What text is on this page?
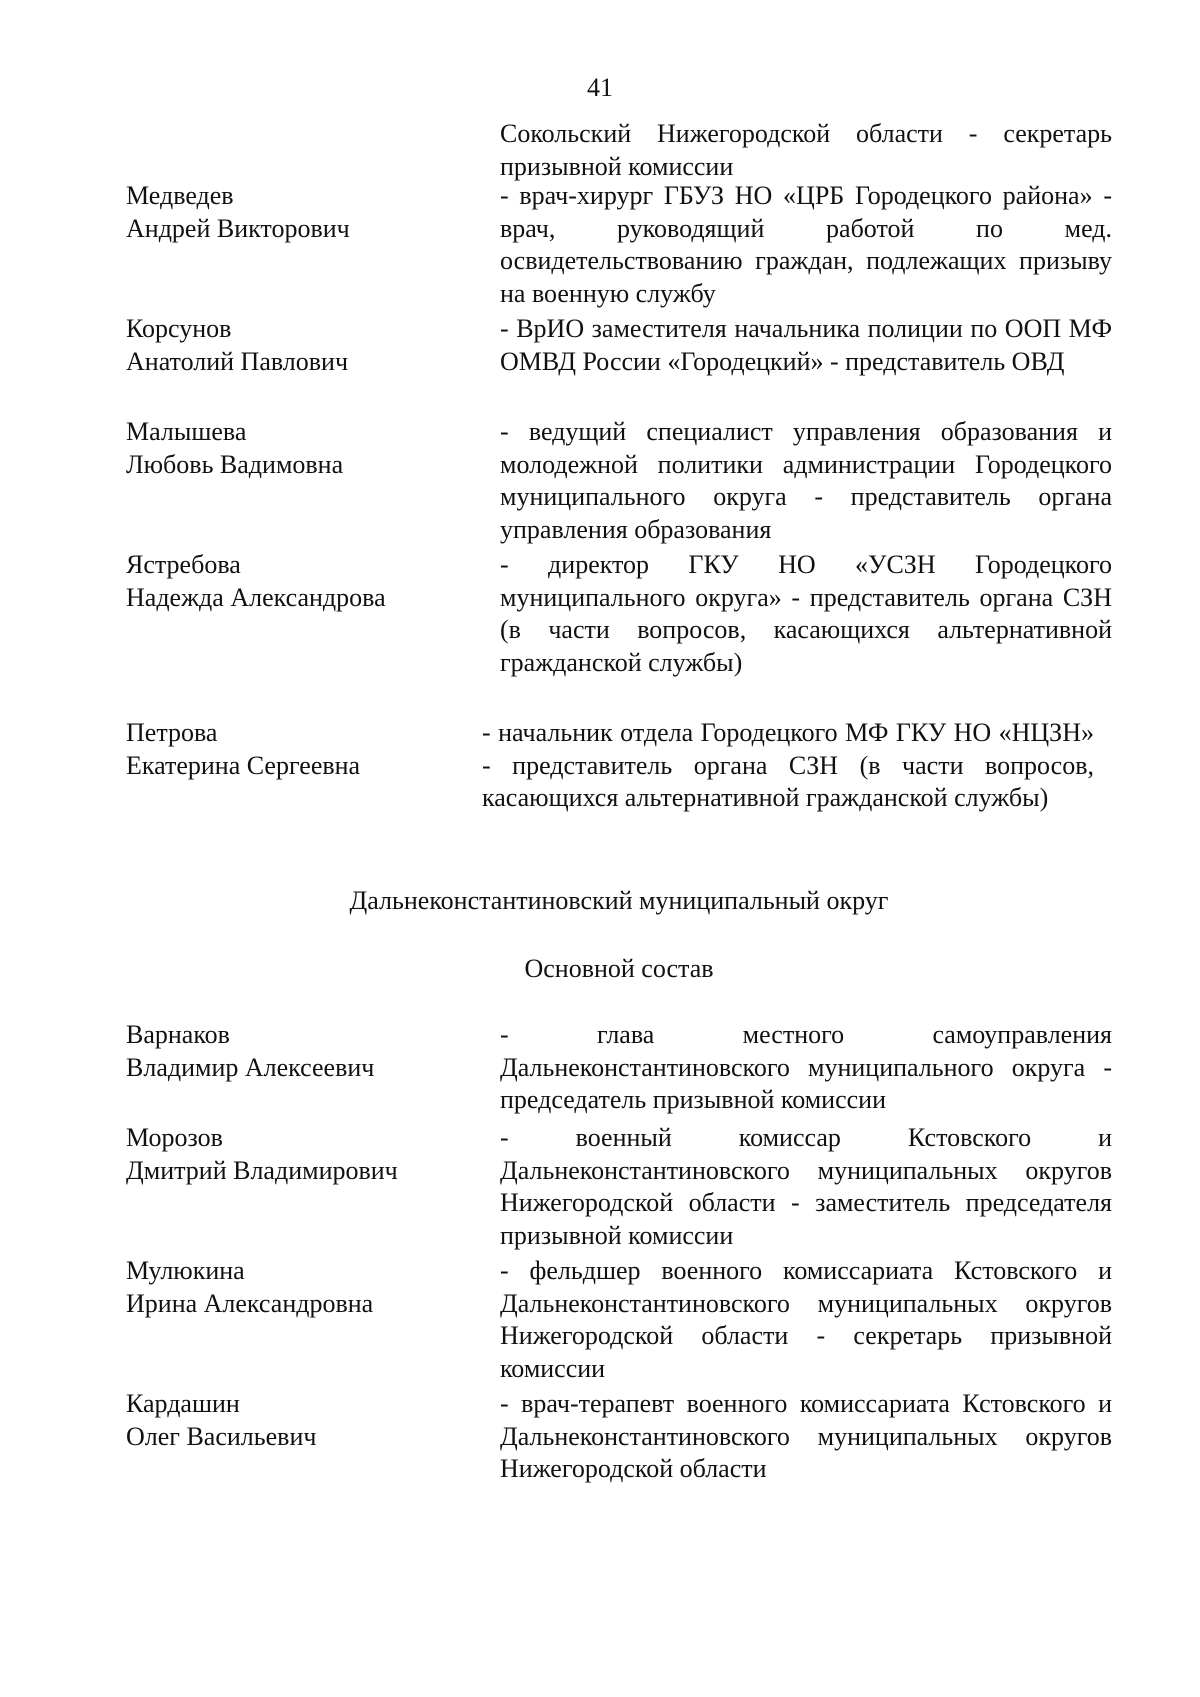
41
Сокольский Нижегородской области - секретарь призывной комиссии
Медведев
Андрей Викторович
- врач-хирург ГБУЗ НО «ЦРБ Городецкого района» - врач, руководящий работой по мед. освидетельствованию граждан, подлежащих призыву на военную службу
Корсунов
Анатолий Павлович
- ВрИО заместителя начальника полиции по ООП МФ ОМВД России «Городецкий» - представитель ОВД
Малышева
Любовь Вадимовна
- ведущий специалист управления образования и молодежной политики администрации Городецкого муниципального округа - представитель органа управления образования
Ястребова
Надежда Александрова
- директор ГКУ НО «УСЗН Городецкого муниципального округа» - представитель органа СЗН (в части вопросов, касающихся альтернативной гражданской службы)
Петрова
Екатерина Сергеевна
- начальник отдела Городецкого МФ ГКУ НО «НЦЗН» - представитель органа СЗН (в части вопросов, касающихся альтернативной гражданской службы)
Дальнеконстантиновский муниципальный округ
Основной состав
Варнаков
Владимир Алексеевич
- глава местного самоуправления Дальнеконстантиновского муниципального округа - председатель призывной комиссии
Морозов
Дмитрий Владимирович
- военный комиссар Кстовского и Дальнеконстантиновского муниципальных округов Нижегородской области - заместитель председателя призывной комиссии
Мулюкина
Ирина Александровна
- фельдшер военного комиссариата Кстовского и Дальнеконстантиновского муниципальных округов Нижегородской области - секретарь призывной комиссии
Кардашин
Олег Васильевич
- врач-терапевт военного комиссариата Кстовского и Дальнеконстантиновского муниципальных округов Нижегородской области
